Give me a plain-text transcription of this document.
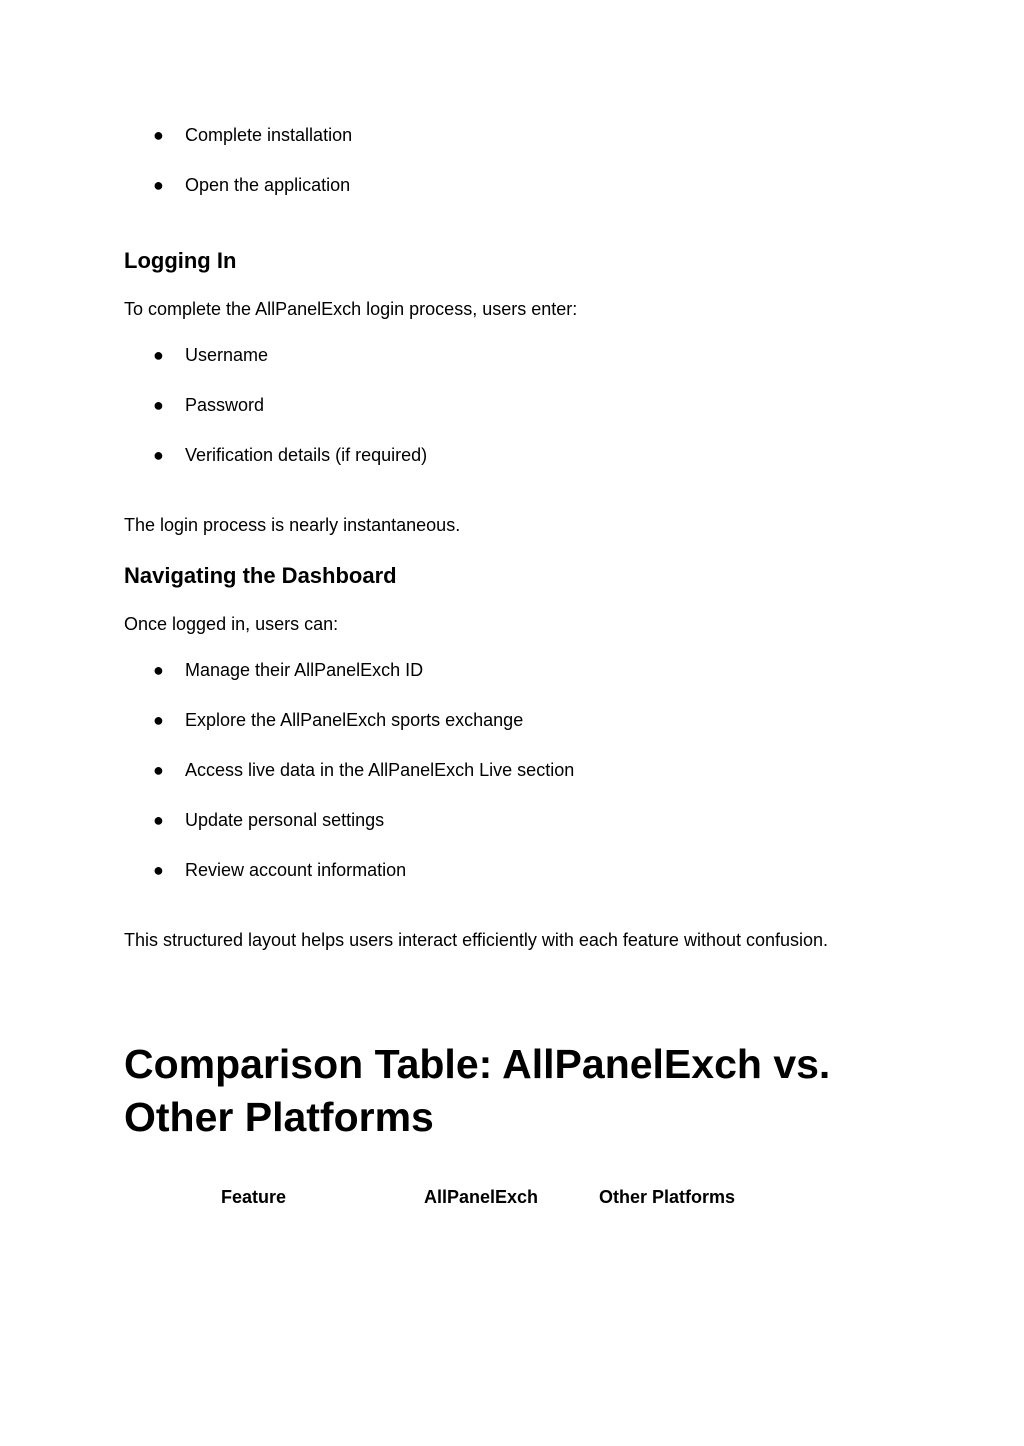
● Complete installation
● Open the application
Logging In
To complete the AllPanelExch login process, users enter:
● Username
● Password
● Verification details (if required)
The login process is nearly instantaneous.
Navigating the Dashboard
Once logged in, users can:
● Manage their AllPanelExch ID
● Explore the AllPanelExch sports exchange
● Access live data in the AllPanelExch Live section
● Update personal settings
● Review account information
This structured layout helps users interact efficiently with each feature without confusion.
Comparison Table: AllPanelExch vs. Other Platforms
Feature	AllPanelExch	Other Platforms
